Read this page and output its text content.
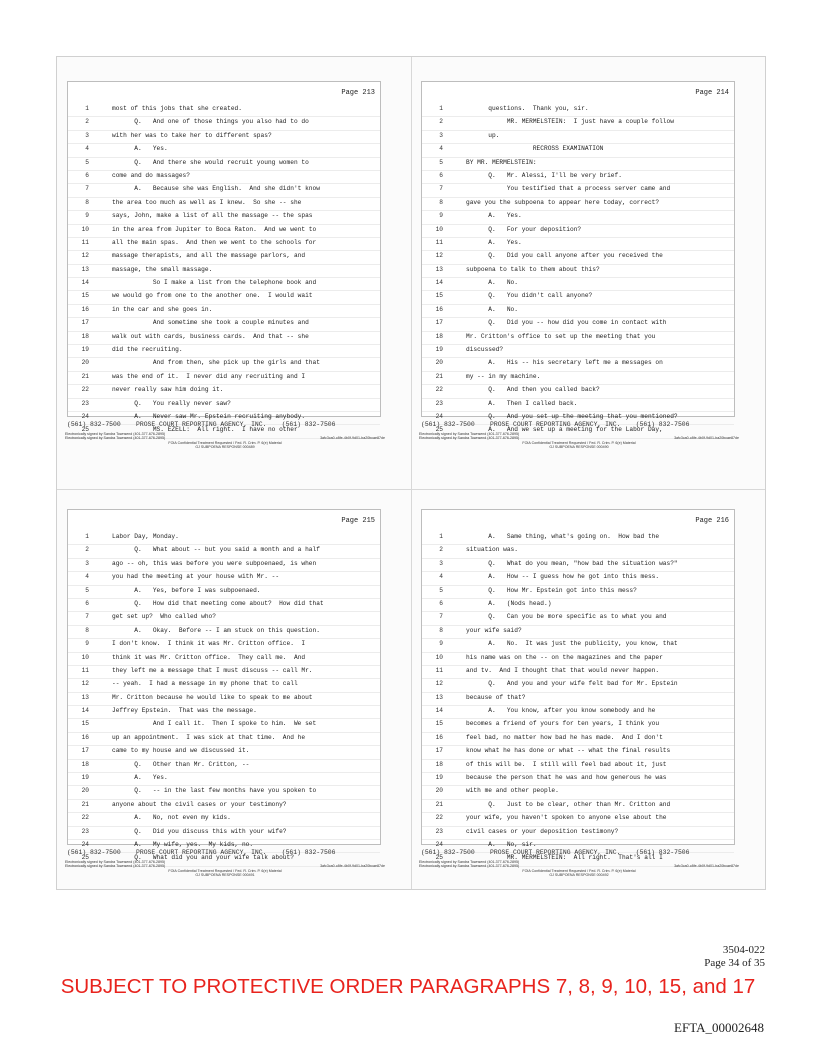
Page 213
1	most of this jobs that she created.
2	Q.   And one of those things you also had to do
3	with her was to take her to different spas?
4	A.   Yes.
5	Q.   And there she would recruit young women to
6	come and do massages?
7	A.   Because she was English.  And she didn't know
8	the area too much as well as I knew.  So she -- she
9	says, John, make a list of all the massage -- the spas
10	in the area from Jupiter to Boca Raton.  And we went to
11	all the main spas.  And then we went to the schools for
12	massage therapists, and all the massage parlors, and
13	massage, the small massage.
14	So I make a list from the telephone book and
15	we would go from one to the another one.  I would wait
16	in the car and she goes in.
17	And sometime she took a couple minutes and
18	walk out with cards, business cards.  And that -- she
19	did the recruiting.
20	And from then, she pick up the girls and that
21	was the end of it.  I never did any recruiting and I
22	never really saw him doing it.
23	Q.   You really never saw?
24	A.   Never saw Mr. Epstein recruiting anybody.
25	MS. EZELL:  All right.  I have no other
(561) 832-7500    PROSE COURT REPORTING AGENCY, INC.    (561) 832-7506
Electronically signed by Sandra Townsend (401-377-676-2895)
Electronically signed by Sandra Townsend (401-377-676-2895)	3afc3ca0-c8fe-4b0f-9d01-ba20bcae87de
FOIA Confidential Treatment Requested / Fed. R. Crim. P. 6(e) Material
GJ SUBPOENA RESPONSE 000489
Page 214
1	questions.  Thank you, sir.
2	MR. MERMELSTEIN:  I just have a couple follow
3	up.
4	RECROSS EXAMINATION
5	BY MR. MERMELSTEIN:
6	Q.   Mr. Alessi, I'll be very brief.
7	You testified that a process server came and
8	gave you the subpoena to appear here today, correct?
9	A.   Yes.
10	Q.   For your deposition?
11	A.   Yes.
12	Q.   Did you call anyone after you received the
13	subpoena to talk to them about this?
14	A.   No.
15	Q.   You didn't call anyone?
16	A.   No.
17	Q.   Did you -- how did you come in contact with
18	Mr. Critton's office to set up the meeting that you
19	discussed?
20	A.   His -- his secretary left me a messages on
21	my -- in my machine.
22	Q.   And then you called back?
23	A.   Then I called back.
24	Q.   And you set up the meeting that you mentioned?
25	A.   And we set up a meeting for the Labor Day,
(561) 832-7500    PROSE COURT REPORTING AGENCY, INC.    (561) 832-7506
Electronically signed by Sandra Townsend (401-377-676-2895)
Electronically signed by Sandra Townsend (401-377-676-2895)	3afc3ca0-c8fe-4b0f-9d01-ba20bcae87de
FOIA Confidential Treatment Requested / Fed. R. Crim. P. 6(e) Material
GJ SUBPOENA RESPONSE 000490
Page 215
1	Labor Day, Monday.
2	Q.   What about -- but you said a month and a half
3	ago -- oh, this was before you were subpoenaed, is when
4	you had the meeting at your house with Mr. --
5	A.   Yes, before I was subpoenaed.
6	Q.   How did that meeting come about?  How did that
7	get set up?  Who called who?
8	A.   Okay.  Before -- I am stuck on this question.
9	I don't know.  I think it was Mr. Critton office.  I
10	think it was Mr. Critton office.  They call me.  And
11	they left me a message that I must discuss -- call Mr.
12	-- yeah.  I had a message in my phone that to call
13	Mr. Critton because he would like to speak to me about
14	Jeffrey Epstein.  That was the message.
15	And I call it.  Then I spoke to him.  We set
16	up an appointment.  I was sick at that time.  And he
17	came to my house and we discussed it.
18	Q.   Other than Mr. Critton, --
19	A.   Yes.
20	Q.   -- in the last few months have you spoken to
21	anyone about the civil cases or your testimony?
22	A.   No, not even my kids.
23	Q.   Did you discuss this with your wife?
24	A.   My wife, yes.  My kids, no.
25	Q.   What did you and your wife talk about?
(561) 832-7500    PROSE COURT REPORTING AGENCY, INC.    (561) 832-7506
Electronically signed by Sandra Townsend (401-377-676-2895)
Electronically signed by Sandra Townsend (401-377-676-2895)	3afc3ca0-c8fe-4b0f-9d01-ba20bcae87de
FOIA Confidential Treatment Requested / Fed. R. Crim. P. 6(e) Material
GJ SUBPOENA RESPONSE 000491
Page 216
1	A.   Same thing, what's going on.  How bad the
2	situation was.
3	Q.   What do you mean, "how bad the situation was?"
4	A.   How -- I guess how he got into this mess.
5	Q.   How Mr. Epstein got into this mess?
6	A.   (Nods head.)
7	Q.   Can you be more specific as to what you and
8	your wife said?
9	A.   No.  It was just the publicity, you know, that
10	his name was on the -- on the magazines and the paper
11	and tv.  And I thought that that would never happen.
12	Q.   And you and your wife felt bad for Mr. Epstein
13	because of that?
14	A.   You know, after you know somebody and he
15	becomes a friend of yours for ten years, I think you
16	feel bad, no matter how bad he has made.  And I don't
17	know what he has done or what -- what the final results
18	of this will be.  I still will feel bad about it, just
19	because the person that he was and how generous he was
20	with me and other people.
21	Q.   Just to be clear, other than Mr. Critton and
22	your wife, you haven't spoken to anyone else about the
23	civil cases or your deposition testimony?
24	A.   No, sir.
25	MR. MERMELSTEIN:  All right.  That's all I
(561) 832-7500    PROSE COURT REPORTING AGENCY, INC.    (561) 832-7506
Electronically signed by Sandra Townsend (401-377-676-2895)
Electronically signed by Sandra Townsend (401-377-676-2895)	3afc3ca0-c8fe-4b0f-9d01-ba20bcae87de
FOIA Confidential Treatment Requested / Fed. R. Crim. P. 6(e) Material
GJ SUBPOENA RESPONSE 000492
3504-022
Page 34 of 35
SUBJECT TO PROTECTIVE ORDER PARAGRAPHS 7, 8, 9, 10, 15, and 17
EFTA_00002648
